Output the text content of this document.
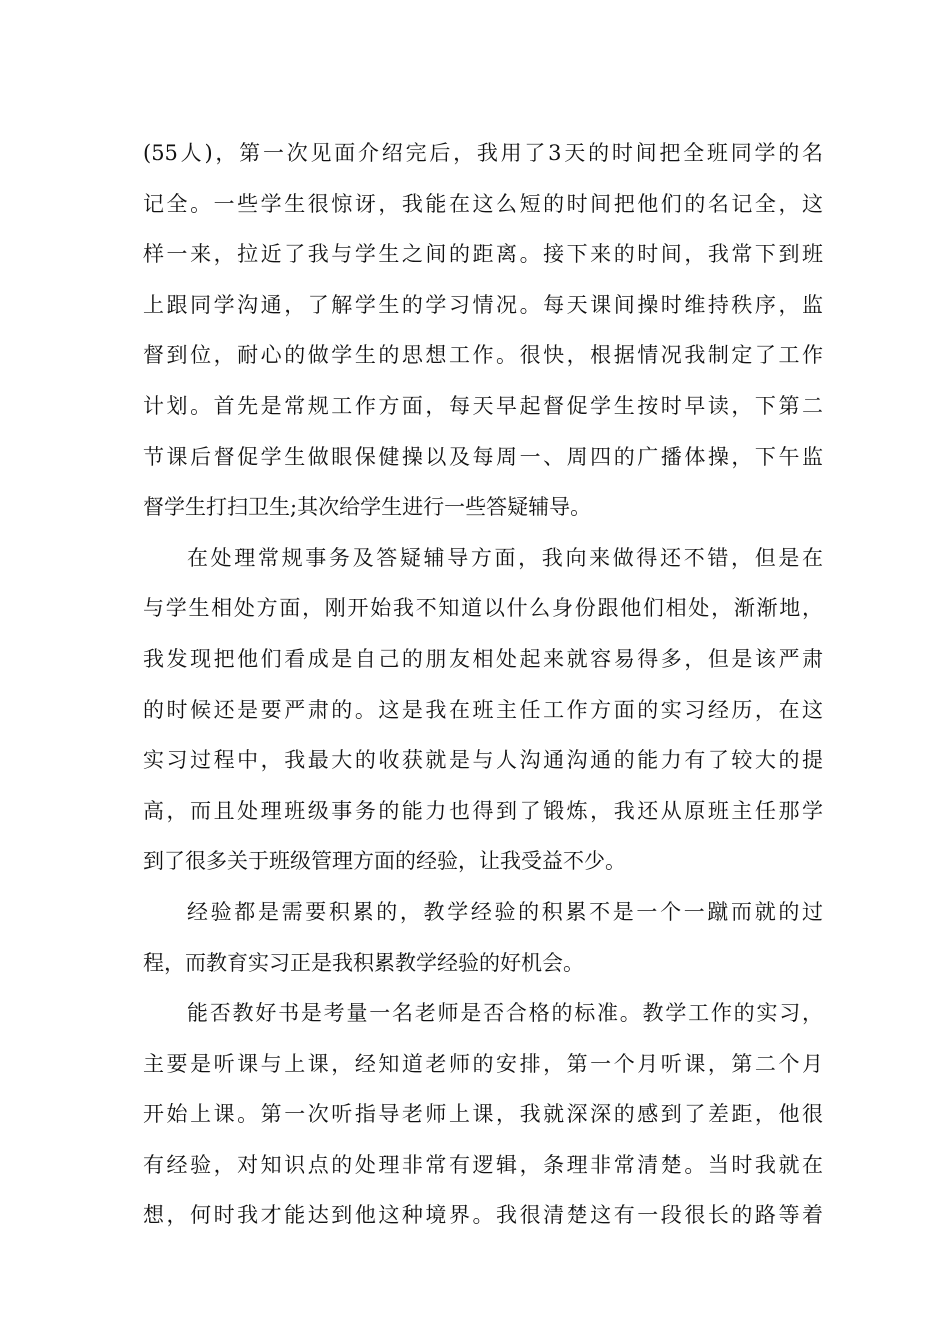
(55人)，第一次见面介绍完后，我用了3天的时间把全班同学的名
记全。一些学生很惊讶，我能在这么短的时间把他们的名记全，这
样一来，拉近了我与学生之间的距离。接下来的时间，我常下到班
上跟同学沟通，了解学生的学习情况。每天课间操时维持秩序，监
督到位，耐心的做学生的思想工作。很快，根据情况我制定了工作
计划。首先是常规工作方面，每天早起督促学生按时早读，下第二
节课后督促学生做眼保健操以及每周一、周四的广播体操，下午监
督学生打扫卫生;其次给学生进行一些答疑辅导。
在处理常规事务及答疑辅导方面，我向来做得还不错，但是在
与学生相处方面，刚开始我不知道以什么身份跟他们相处，渐渐地，
我发现把他们看成是自己的朋友相处起来就容易得多，但是该严肃
的时候还是要严肃的。这是我在班主任工作方面的实习经历，在这
实习过程中，我最大的收获就是与人沟通沟通的能力有了较大的提
高，而且处理班级事务的能力也得到了锻炼，我还从原班主任那学
到了很多关于班级管理方面的经验，让我受益不少。
经验都是需要积累的，教学经验的积累不是一个一蹴而就的过
程，而教育实习正是我积累教学经验的好机会。
能否教好书是考量一名老师是否合格的标准。教学工作的实习，
主要是听课与上课，经知道老师的安排，第一个月听课，第二个月
开始上课。第一次听指导老师上课，我就深深的感到了差距，他很
有经验，对知识点的处理非常有逻辑，条理非常清楚。当时我就在
想，何时我才能达到他这种境界。我很清楚这有一段很长的路等着
